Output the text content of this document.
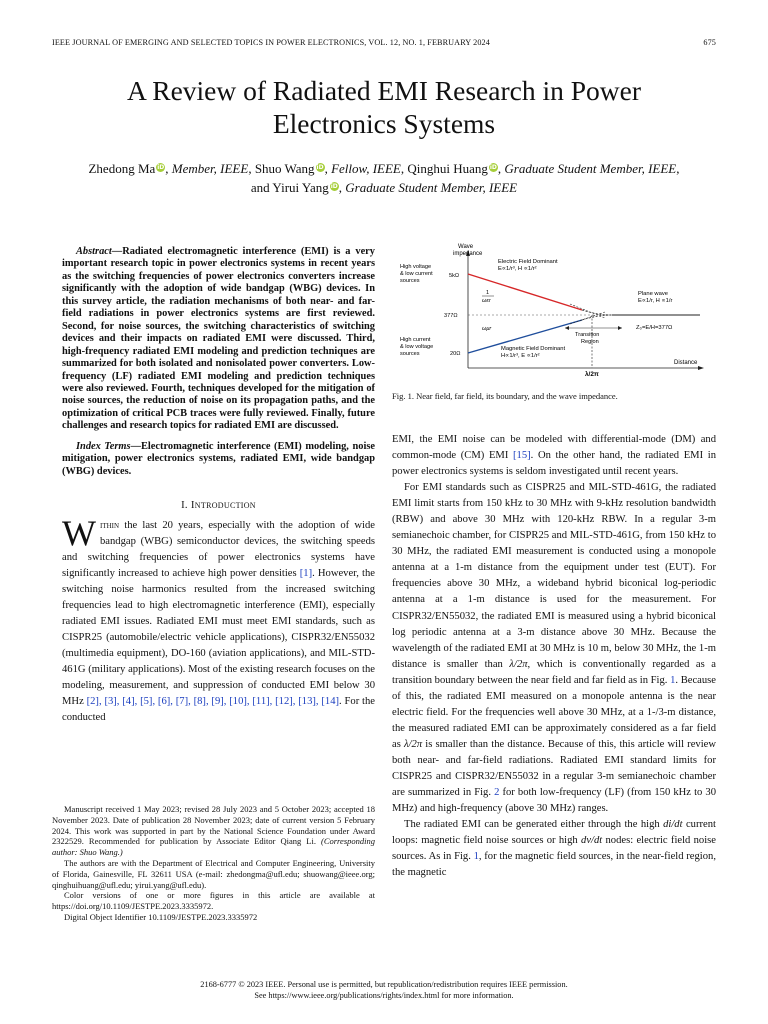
IEEE JOURNAL OF EMERGING AND SELECTED TOPICS IN POWER ELECTRONICS, VOL. 12, NO. 1, FEBRUARY 2024	675
A Review of Radiated EMI Research in Power
Electronics Systems
Zhedong Ma iD, Member, IEEE, Shuo Wang iD, Fellow, IEEE, Qinghui Huang iD, Graduate Student Member, IEEE,
and Yirui Yang iD, Graduate Student Member, IEEE

Abstract—Radiated electromagnetic interference (EMI) is a very important research topic in power electronics systems in recent years as the switching frequencies of power electronics converters increase significantly with the adoption of wide bandgap (WBG) devices. In this survey article, the radiation mechanisms of both near- and far-field radiations in power electronics systems are first reviewed. Second, for noise sources, the switching characteristics of switching devices and their impacts on radiated EMI were discussed. Third, high-frequency radiated EMI modeling and prediction techniques are summarized for both isolated and nonisolated power converters. Low-frequency (LF) radiated EMI modeling and prediction techniques were also reviewed. Fourth, techniques developed for the mitigation of noise sources, the reduction of noise on its propagation paths, and the optimization of critical PCB traces were fully reviewed. Finally, future challenges and research topics for radiated EMI are discussed.

Index Terms—Electromagnetic interference (EMI) modeling, noise mitigation, power electronics systems, radiated EMI, wide bandgap (WBG) devices.

I. Introduction

Within the last 20 years, especially with the adoption of wide bandgap (WBG) semiconductor devices, the switching speeds and switching frequencies of power electronics systems have significantly increased to achieve high power densities [1]. However, the switching noise harmonics resulted from the increased switching frequencies lead to high electromagnetic interference (EMI), especially radiated EMI issues. Radiated EMI must meet EMI standards, such as CISPR25 (automobile/electric vehicle applications), CISPR32/EN55032 (multimedia equipment), DO-160 (aviation applications), and MIL-STD-461G (military applications). Most of the existing research focuses on the modeling, measurement, and suppression of conducted EMI below 30 MHz [2], [3], [4], [5], [6], [7], [8], [9], [10], [11], [12], [13], [14]. For the conducted

Manuscript received 1 May 2023; revised 28 July 2023 and 5 October 2023; accepted 18 November 2023. Date of publication 28 November 2023; date of current version 5 February 2024. This work was supported in part by the National Science Foundation under Award 2322529. Recommended for publication by Associate Editor Qiang Li. (Corresponding author: Shuo Wang.)

The authors are with the Department of Electrical and Computer Engineering, University of Florida, Gainesville, FL 32611 USA (e-mail: zhedongma@ufl.edu; shuowang@ieee.org; qinghuihuang@ufl.edu; yirui.yang@ufl.edu).

Color versions of one or more figures in this article are available at https://doi.org/10.1109/JESTPE.2023.3335972.

Digital Object Identifier 10.1109/JESTPE.2023.3335972

Wave
impedance
High voltage
& low current
sources
High current
& low voltage
sources
5kΩ
377Ω
20Ω
Transition
Region
Electric Field Dominant
E∝1/r³, H ∝1/r²
Magnetic Field Dominant
H∝1/r³, E ∝1/r²
Plane wave
E∝1/r, H ∝1/r
Z₀=E/H=377Ω
1
ωεr
ωμr
λ/2π
Distance
Fig. 1. Near field, far field, its boundary, and the wave impedance.

EMI, the EMI noise can be modeled with differential-mode (DM) and common-mode (CM) EMI [15]. On the other hand, the radiated EMI in power electronics systems is seldom investigated until recent years.

For EMI standards such as CISPR25 and MIL-STD-461G, the radiated EMI limit starts from 150 kHz to 30 MHz with 9-kHz resolution bandwidth (RBW) and above 30 MHz with 120-kHz RBW. In a regular 3-m semianechoic chamber, for CISPR25 and MIL-STD-461G, from 150 kHz to 30 MHz, the radiated EMI measurement is conducted using a monopole antenna at a 1-m distance from the equipment under test (EUT). For frequencies above 30 MHz, a wideband hybrid biconical log-periodic antenna at a 1-m distance is used for the measurement. For CISPR32/EN55032, the radiated EMI is measured using a hybrid biconical log periodic antenna at a 3-m distance above 30 MHz. Because the wavelength of the radiated EMI at 30 MHz is 10 m, below 30 MHz, the 1-m distance is smaller than λ/2π, which is conventionally regarded as a transition boundary between the near field and far field as in Fig. 1. Because of this, the radiated EMI measured on a monopole antenna is the near electric field. For the frequencies well above 30 MHz, at a 1-/3-m distance, the measured radiated EMI can be approximately considered as a far field as λ/2π is smaller than the distance. Because of this, this article will review both near- and far-field radiations. Radiated EMI standard limits for CISPR25 and CISPR32/EN55032 in a regular 3-m semianechoic chamber are summarized in Fig. 2 for both low-frequency (LF) (from 150 kHz to 30 MHz) and high-frequency (above 30 MHz) ranges.

The radiated EMI can be generated either through the high di/dt current loops: magnetic field noise sources or high dv/dt nodes: electric field noise sources. As in Fig. 1, for the magnetic field sources, in the near-field region, the magnetic

2168-6777 © 2023 IEEE. Personal use is permitted, but republication/redistribution requires IEEE permission.
See https://www.ieee.org/publications/rights/index.html for more information.
